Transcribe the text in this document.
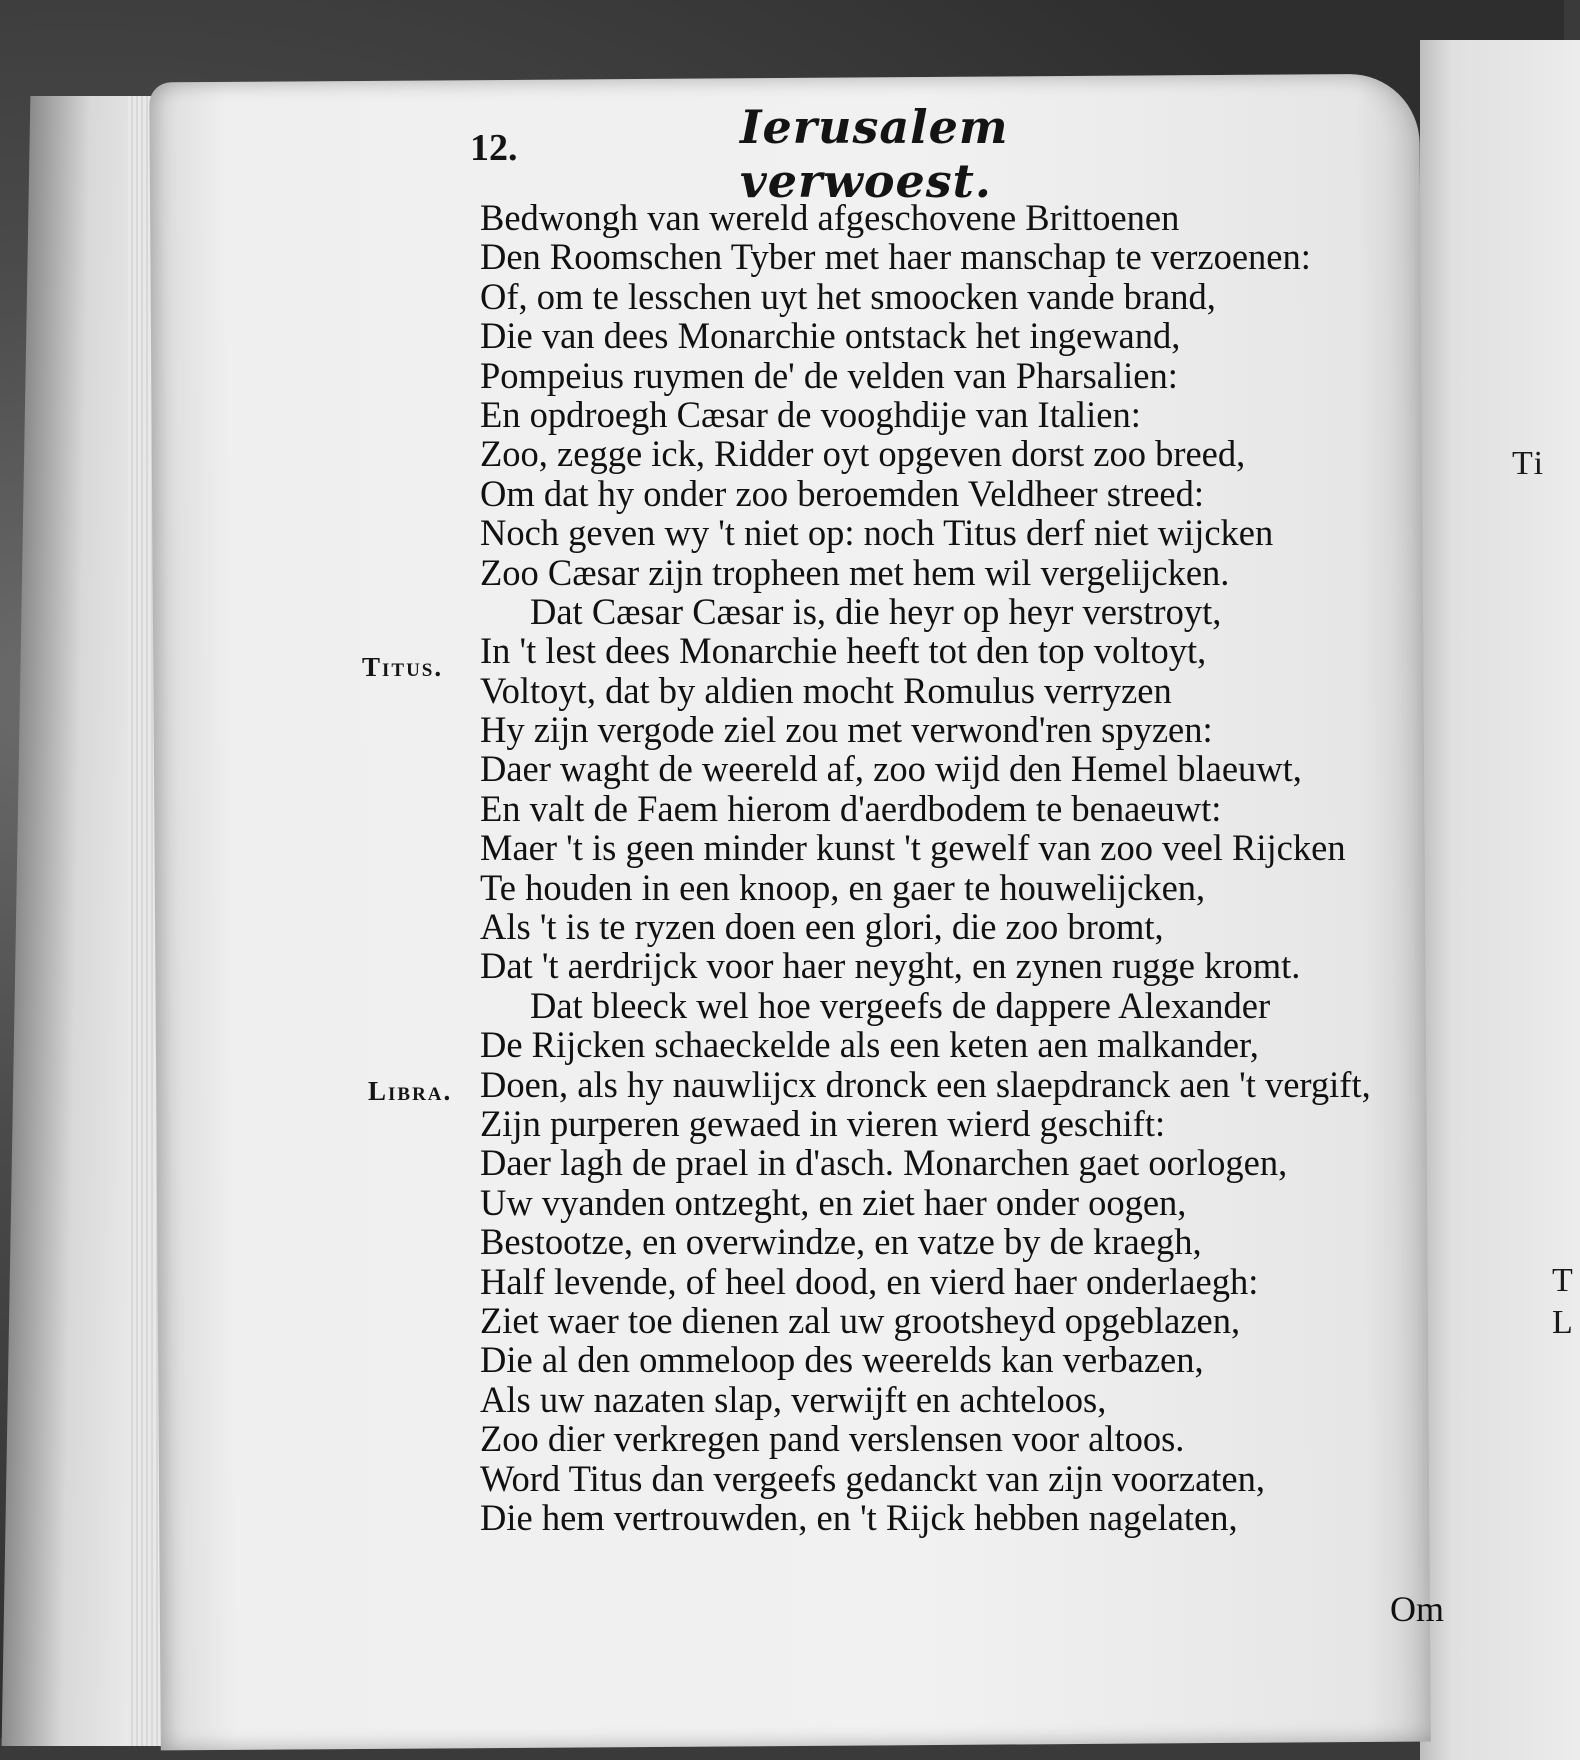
Ti
T
L
12.	Ierusalem verwoest.
Titus.
Libra.
Bedwongh van wereld afgeschovene Brittoenen
Den Roomschen Tyber met haer manschap te verzoenen:
Of, om te lesschen uyt het smoocken vande brand,
Die van dees Monarchie ontstack het ingewand,
Pompeius ruymen de' de velden van Pharsalien:
En opdroegh Cæsar de vooghdije van Italien:
Zoo, zegge ick, Ridder oyt opgeven dorst zoo breed,
Om dat hy onder zoo beroemden Veldheer streed:
Noch geven wy 't niet op: noch Titus derf niet wijcken
Zoo Cæsar zijn tropheen met hem wil vergelijcken.
Dat Cæsar Cæsar is, die heyr op heyr verstroyt,
In 't lest dees Monarchie heeft tot den top voltoyt,
Voltoyt, dat by aldien mocht Romulus verryzen
Hy zijn vergode ziel zou met verwond'ren spyzen:
Daer waght de weereld af, zoo wijd den Hemel blaeuwt,
En valt de Faem hierom d'aerdbodem te benaeuwt:
Maer 't is geen minder kunst 't gewelf van zoo veel Rijcken
Te houden in een knoop, en gaer te houwelijcken,
Als 't is te ryzen doen een glori, die zoo bromt,
Dat 't aerdrijck voor haer neyght, en zynen rugge kromt.
Dat bleeck wel hoe vergeefs de dappere Alexander
De Rijcken schaeckelde als een keten aen malkander,
Doen, als hy nauwlijcx dronck een slaepdranck aen 't vergift,
Zijn purperen gewaed in vieren wierd geschift:
Daer lagh de prael in d'asch. Monarchen gaet oorlogen,
Uw vyanden ontzeght, en ziet haer onder oogen,
Bestootze, en overwindze, en vatze by de kraegh,
Half levende, of heel dood, en vierd haer onderlaegh:
Ziet waer toe dienen zal uw grootsheyd opgeblazen,
Die al den ommeloop des weerelds kan verbazen,
Als uw nazaten slap, verwijft en achteloos,
Zoo dier verkregen pand verslensen voor altoos.
Word Titus dan vergeefs gedanckt van zijn voorzaten,
Die hem vertrouwden, en 't Rijck hebben nagelaten,
Om
